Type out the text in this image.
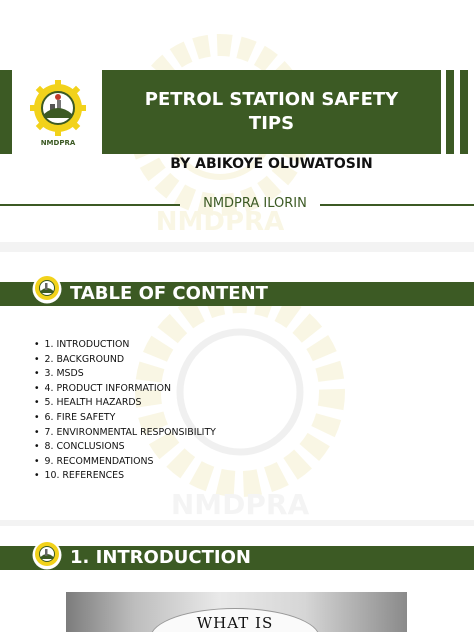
NMDPRA
NMDPRA
PETROL STATION SAFETY TIPS
BY ABIKOYE OLUWATOSIN
NMDPRA ILORIN
NMDPRA
TABLE OF CONTENT
• 1. INTRODUCTION
• 2. BACKGROUND
• 3. MSDS
• 4. PRODUCT INFORMATION
• 5. HEALTH HAZARDS
• 6. FIRE SAFETY
• 7. ENVIRONMENTAL RESPONSIBILITY
• 8. CONCLUSIONS
• 9. RECOMMENDATIONS
• 10. REFERENCES
1. INTRODUCTION
WHAT IS
